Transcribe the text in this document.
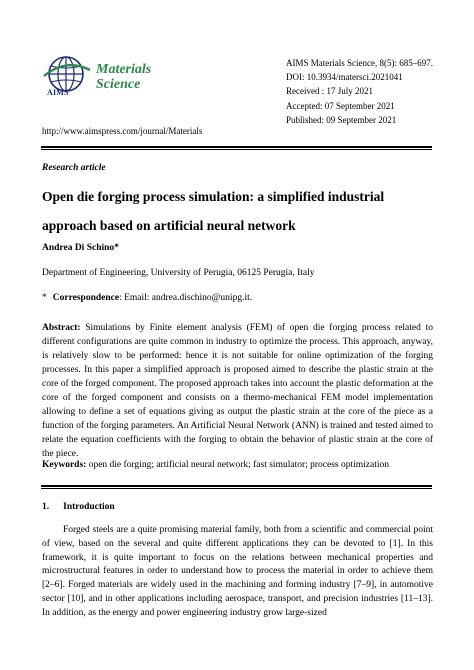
AIMS
Materials
Science
AIMS Materials Science, 8(5): 685–697.
DOI: 10.3934/matersci.2021041
Received : 17 July 2021
Accepted: 07 September 2021
Published: 09 September 2021
http://www.aimspress.com/journal/Materials
Research article
Open die forging process simulation: a simplified industrial approach based on artificial neural network
Andrea Di Schino*
Department of Engineering, University of Perugia, 06125 Perugia, Italy
* Correspondence: Email: andrea.dischino@unipg.it.
Abstract: Simulations by Finite element analysis (FEM) of open die forging process related to different configurations are quite common in industry to optimize the process. This approach, anyway, is relatively slow to be performed: hence it is not suitable for online optimization of the forging processes. In this paper a simplified approach is proposed aimed to describe the plastic strain at the core of the forged component. The proposed approach takes into account the plastic deformation at the core of the forged component and consists on a thermo-mechanical FEM model implementation allowing to define a set of equations giving as output the plastic strain at the core of the piece as a function of the forging parameters. An Artificial Neural Network (ANN) is trained and tested aimed to relate the equation coefficients with the forging to obtain the behavior of plastic strain at the core of the piece.
Keywords: open die forging; artificial neural network; fast simulator; process optimization
1. Introduction
Forged steels are a quite promising material family, both from a scientific and commercial point of view, based on the several and quite different applications they can be devoted to [1]. In this framework, it is quite important to focus on the relations between mechanical properties and microstructural features in order to understand how to process the material in order to achieve them [2–6]. Forged materials are widely used in the machining and forming industry [7–9], in automotive sector [10], and in other applications including aerospace, transport, and precision industries [11–13]. In addition, as the energy and power engineering industry grow large-sized
